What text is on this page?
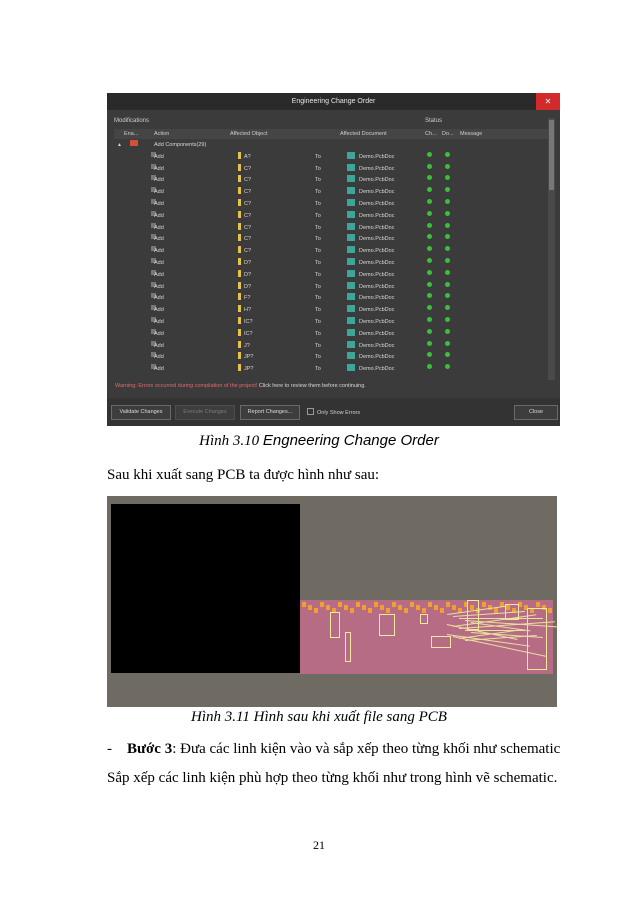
Engineering Change Order	✕
Modifications	Status
Ena...	Action	Affected Object	Affected Document	Ch... Do... Message
▲	Add Components(29)
Add	A?	To	Demo.PcbDoc
Add	C?	To	Demo.PcbDoc
Add	C?	To	Demo.PcbDoc
Add	C?	To	Demo.PcbDoc
Add	C?	To	Demo.PcbDoc
Add	C?	To	Demo.PcbDoc
Add	C?	To	Demo.PcbDoc
Add	C?	To	Demo.PcbDoc
Add	C?	To	Demo.PcbDoc
Add	D?	To	Demo.PcbDoc
Add	D?	To	Demo.PcbDoc
Add	D?	To	Demo.PcbDoc
Add	F?	To	Demo.PcbDoc
Add	H?	To	Demo.PcbDoc
Add	IC?	To	Demo.PcbDoc
Add	IC?	To	Demo.PcbDoc
Add	J?	To	Demo.PcbDoc
Add	JP?	To	Demo.PcbDoc
Add	JP?	To	Demo.PcbDoc
Warning: Errors occurred during compilation of the project! Click here to review them before continuing.
Validate Changes	Execute Changes	Report Changes...	Only Show Errors	Close
Hình 3.10 Engneering Change Order
Sau khi xuất sang PCB ta được hình như sau:
Hình 3.11 Hình sau khi xuất file sang PCB
- Bước 3: Đưa các linh kiện vào và sắp xếp theo từng khối như schematic
Sắp xếp các linh kiện phù hợp theo từng khối như trong hình vẽ schematic.
21
